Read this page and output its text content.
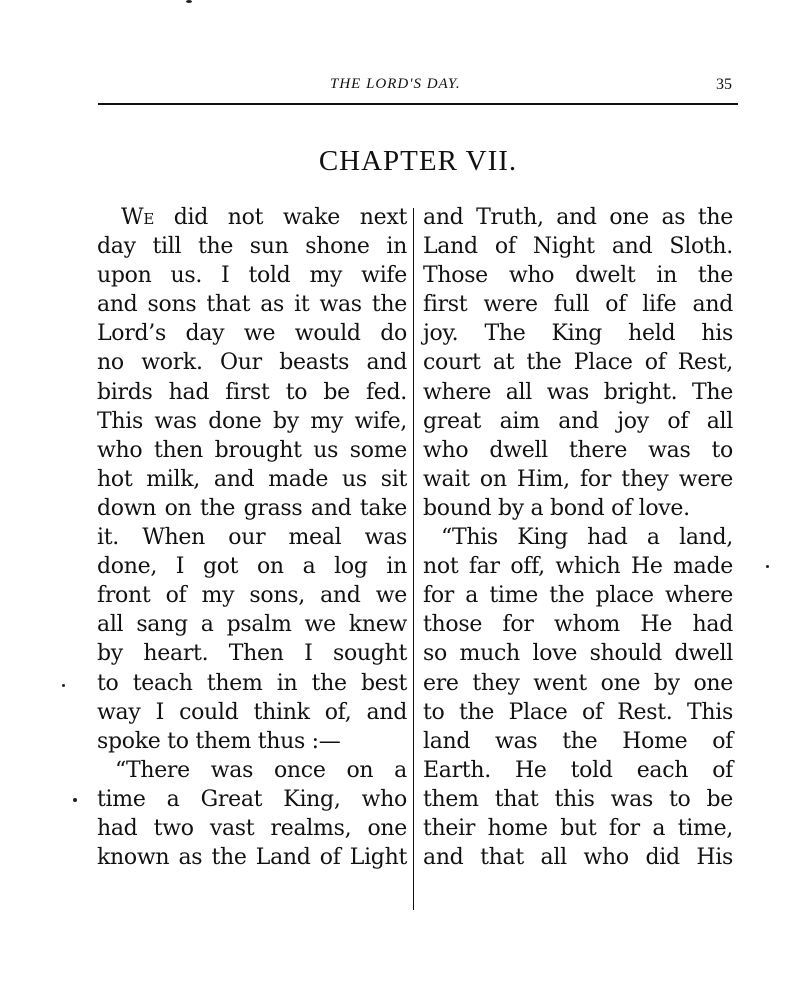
THE LORD'S DAY.	35
CHAPTER VII.
We did not wake next
day till the sun shone in
upon us. I told my wife
and sons that as it was the
Lord’s day we would do
no work. Our beasts and
birds had first to be fed.
This was done by my wife,
who then brought us some
hot milk, and made us sit
down on the grass and take
it. When our meal was
done, I got on a log in
front of my sons, and we
all sang a psalm we knew
by heart. Then I sought
to teach them in the best
way I could think of, and
spoke to them thus :—
“There was once on a
time a Great King, who
had two vast realms, one
known as the Land of Light
and Truth, and one as the
Land of Night and Sloth.
Those who dwelt in the
first were full of life and
joy. The King held his
court at the Place of Rest,
where all was bright. The
great aim and joy of all
who dwell there was to
wait on Him, for they were
bound by a bond of love.
“This King had a land,
not far off, which He made
for a time the place where
those for whom He had
so much love should dwell
ere they went one by one
to the Place of Rest. This
land was the Home of
Earth. He told each of
them that this was to be
their home but for a time,
and that all who did His
